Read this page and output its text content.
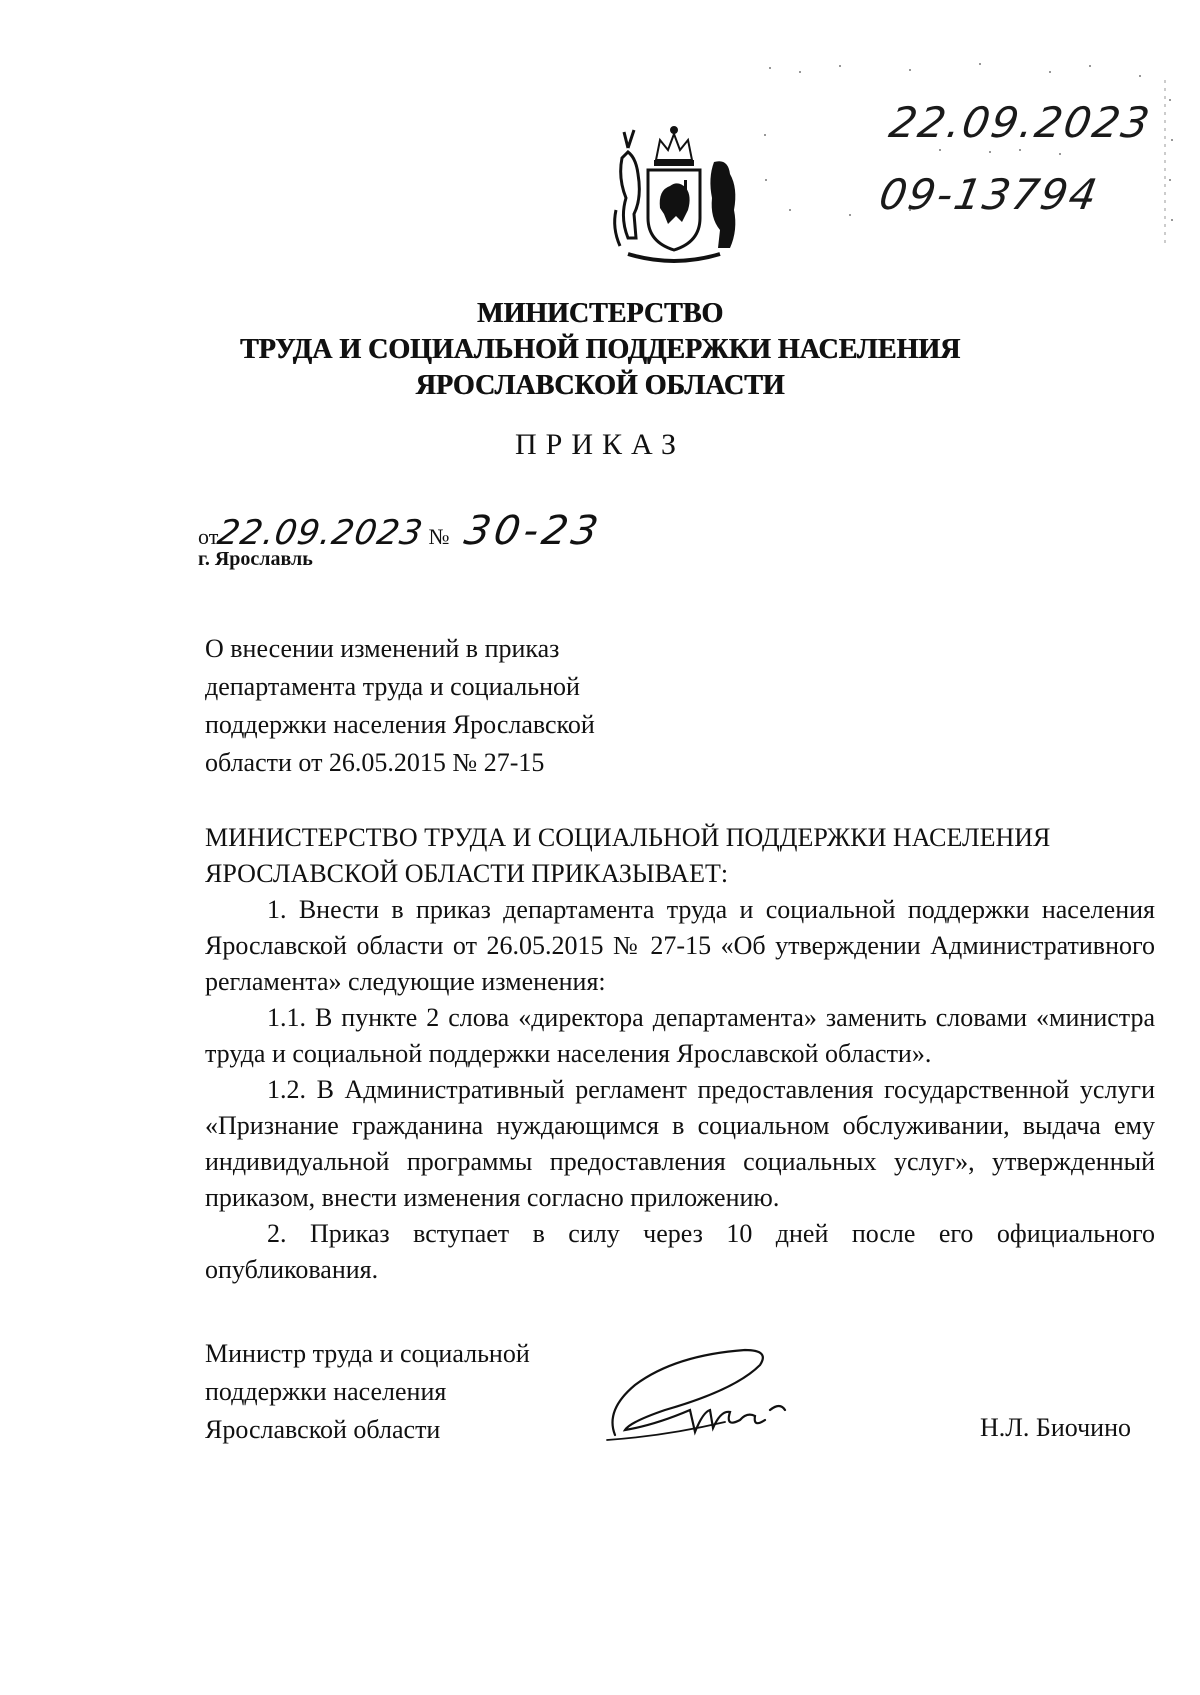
22.09.2023
09-13794
МИНИСТЕРСТВО
ТРУДА И СОЦИАЛЬНОЙ ПОДДЕРЖКИ НАСЕЛЕНИЯ
ЯРОСЛАВСКОЙ ОБЛАСТИ
ПРИКАЗ
от22.09.2023 № 30-23
г. Ярославль
О внесении изменений в приказ
департамента труда и социальной
поддержки населения Ярославской
области от 26.05.2015 № 27-15

МИНИСТЕРСТВО ТРУДА И СОЦИАЛЬНОЙ ПОДДЕРЖКИ НАСЕЛЕНИЯ ЯРОСЛАВСКОЙ ОБЛАСТИ ПРИКАЗЫВАЕТ:

1. Внести в приказ департамента труда и социальной поддержки населения Ярославской области от 26.05.2015 № 27-15 «Об утверждении Административного регламента» следующие изменения:

1.1. В пункте 2 слова «директора департамента» заменить словами «министра труда и социальной поддержки населения Ярославской области».

1.2. В Административный регламент предоставления государственной услуги «Признание гражданина нуждающимся в социальном обслуживании, выдача ему индивидуальной программы предоставления социальных услуг», утвержденный приказом, внести изменения согласно приложению.

2. Приказ вступает в силу через 10 дней после его официального опубликования.

Министр труда и социальной
поддержки населения
Ярославской области	Н.Л. Биочино
